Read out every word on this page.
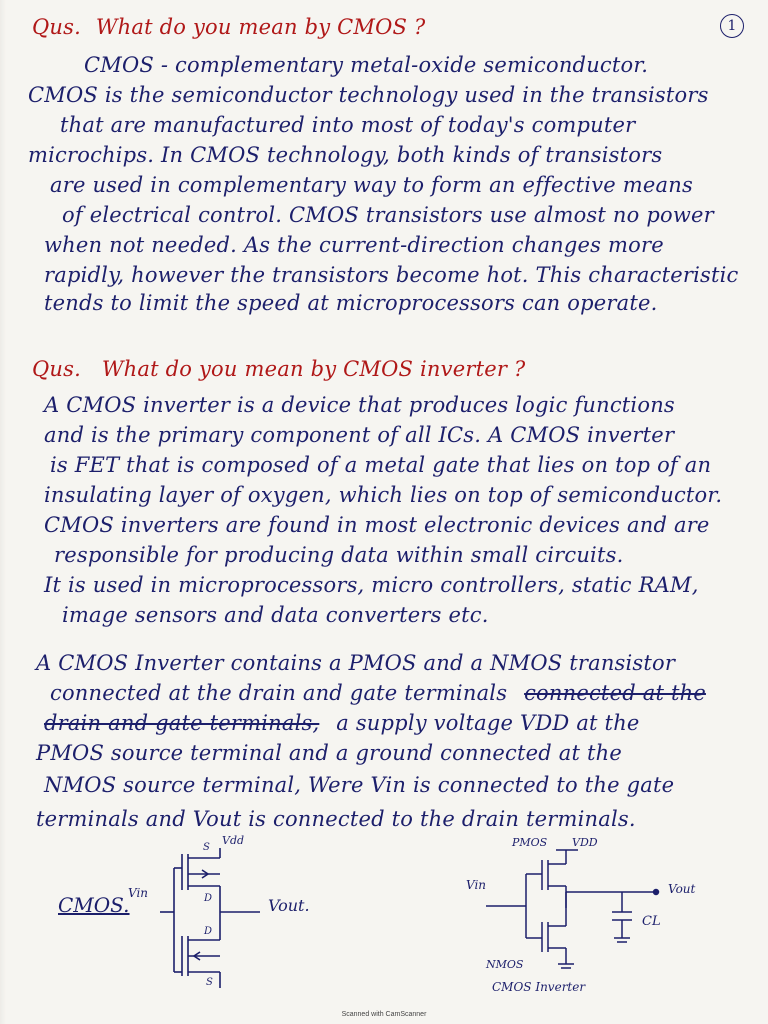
1
Qus. What do you mean by CMOS ?
CMOS - complementary metal-oxide semiconductor.
CMOS is the semiconductor technology used in the transistors
that are manufactured into most of today's computer
microchips. In CMOS technology, both kinds of transistors
are used in complementary way to form an effective means
of electrical control. CMOS transistors use almost no power
when not needed. As the current-direction changes more
rapidly, however the transistors become hot. This characteristic
tends to limit the speed at microprocessors can operate.
Qus. What do you mean by CMOS inverter ?
A CMOS inverter is a device that produces logic functions
and is the primary component of all ICs. A CMOS inverter
is FET that is composed of a metal gate that lies on top of an
insulating layer of oxygen, which lies on top of semiconductor.
CMOS inverters are found in most electronic devices and are
responsible for producing data within small circuits.
It is used in microprocessors, micro controllers, static RAM,
image sensors and data converters etc.
A CMOS Inverter contains a PMOS and a NMOS transistor
connected at the drain and gate terminals connected at the
drain and gate terminals, a supply voltage VDD at the
PMOS source terminal and a ground connected at the
NMOS source terminal, Were Vin is connected to the gate
terminals and Vout is connected to the drain terminals.
CMOS.
Vin
Vdd
Vout.
S
D
D
S
PMOS VDD
Vin	Vout
CL
NMOS
CMOS Inverter
Scanned with CamScanner
